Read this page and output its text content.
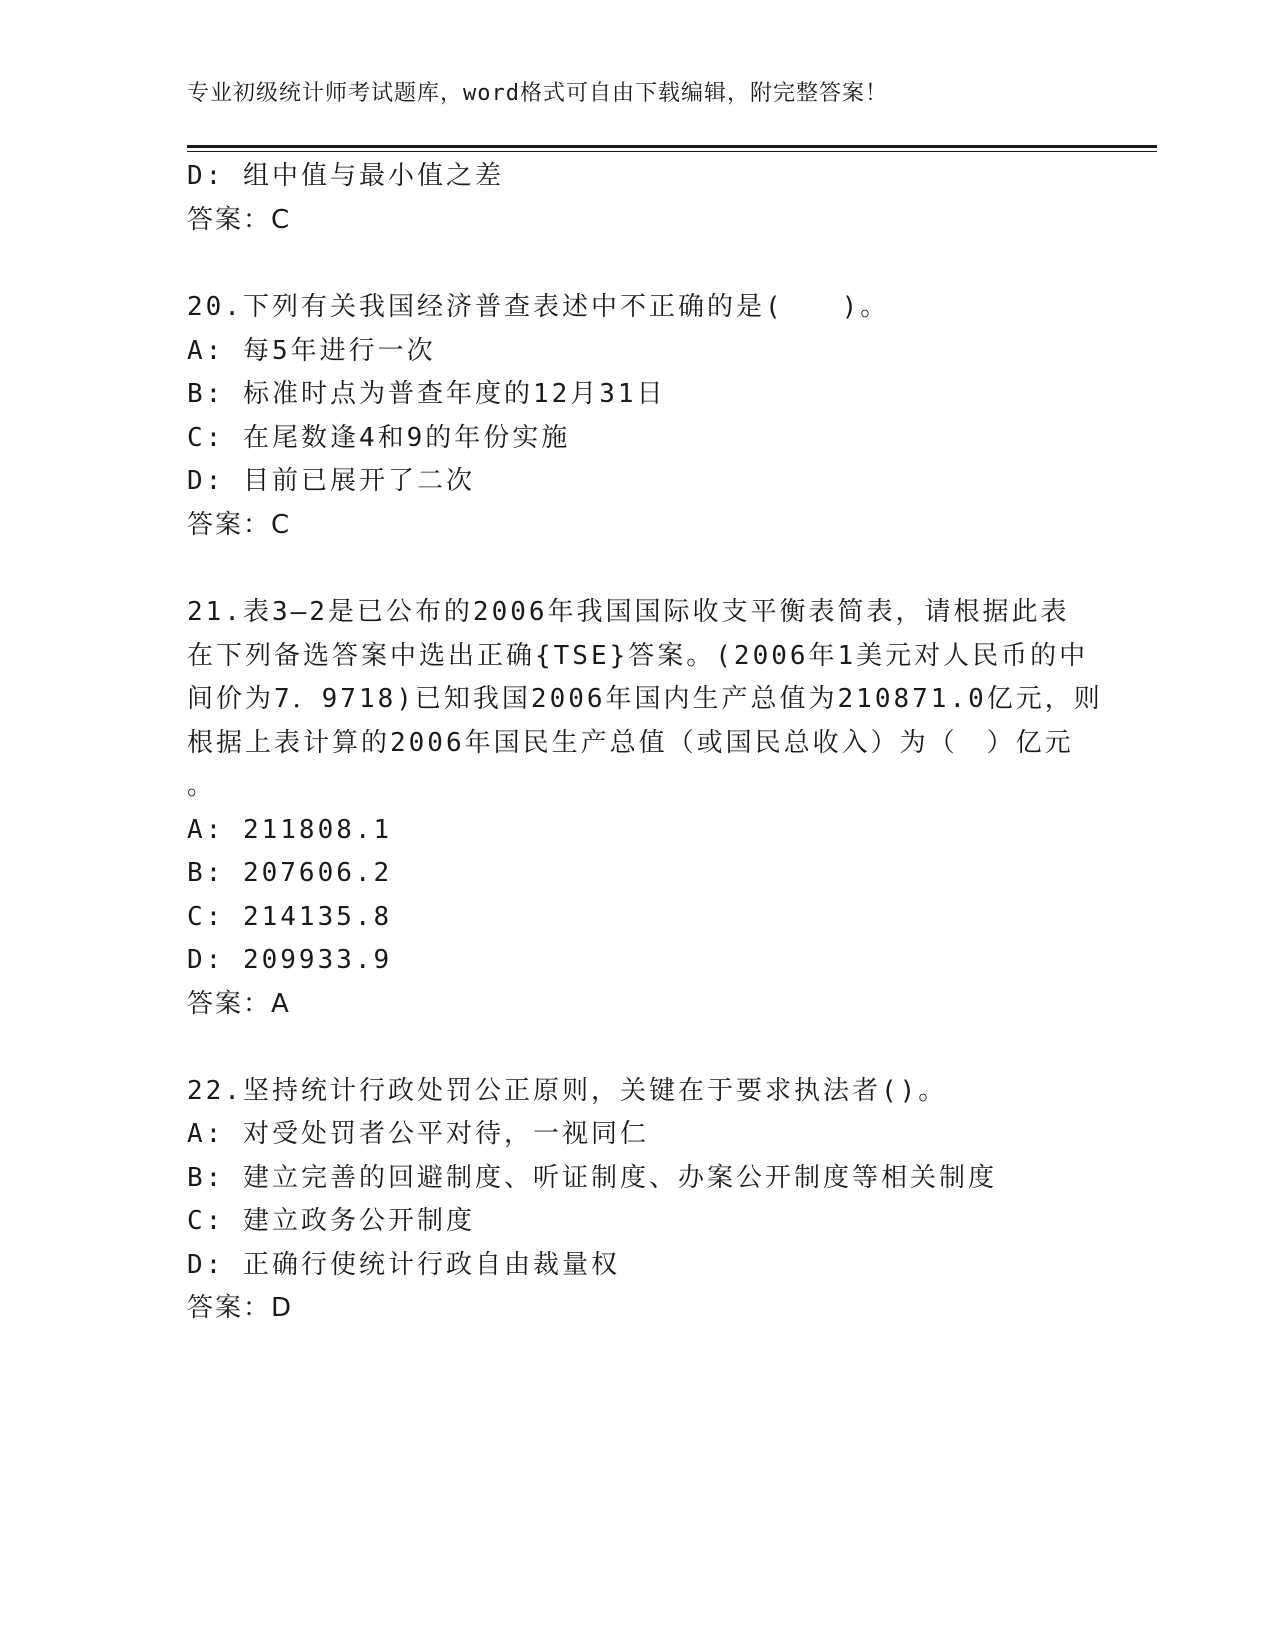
专业初级统计师考试题库，word格式可自由下载编辑，附完整答案！
D: 组中值与最小值之差
答案：C
20.下列有关我国经济普查表述中不正确的是(　　)。
A: 每5年进行一次
B: 标准时点为普查年度的12月31日
C: 在尾数逢4和9的年份实施
D: 目前已展开了二次
答案：C
21.表3—2是已公布的2006年我国国际收支平衡表简表，请根据此表
在下列备选答案中选出正确{TSE}答案。(2006年1美元对人民币的中
间价为7．9718)已知我国2006年国内生产总值为210871.0亿元，则
根据上表计算的2006年国民生产总值（或国民总收入）为（　）亿元
。
A: 211808.1
B: 207606.2
C: 214135.8
D: 209933.9
答案：A
22.坚持统计行政处罚公正原则，关键在于要求执法者()。
A: 对受处罚者公平对待，一视同仁
B: 建立完善的回避制度、听证制度、办案公开制度等相关制度
C: 建立政务公开制度
D: 正确行使统计行政自由裁量权
答案：D
